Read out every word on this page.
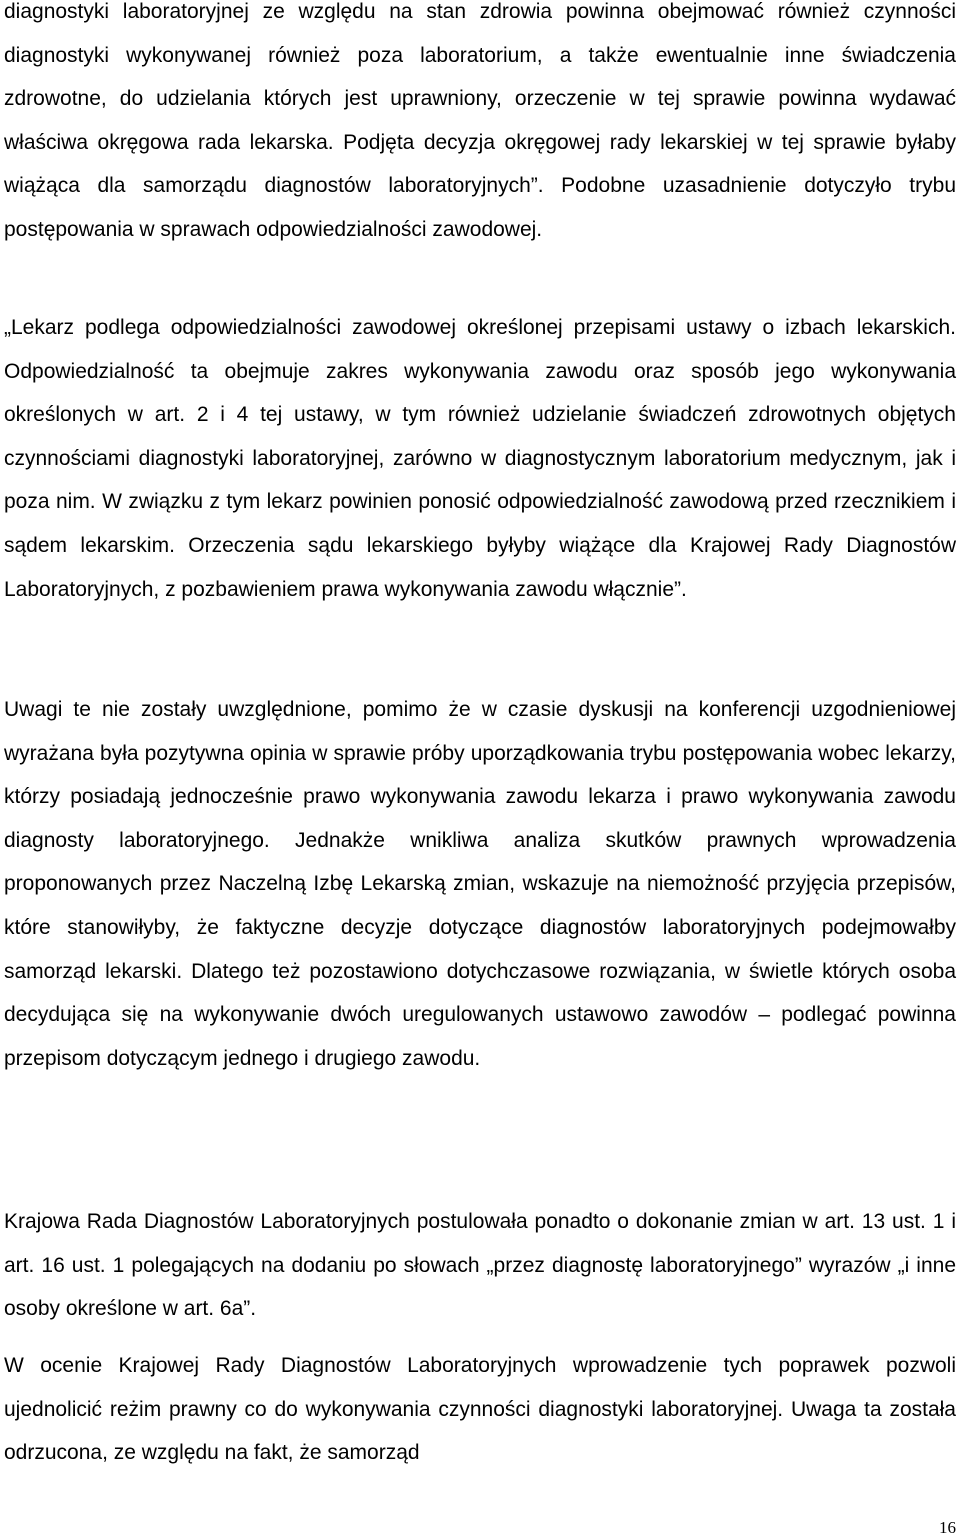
diagnostyki laboratoryjnej ze względu na stan zdrowia powinna obejmować również czynności diagnostyki wykonywanej również poza laboratorium, a także ewentualnie inne świadczenia zdrowotne, do udzielania których jest uprawniony, orzeczenie w tej sprawie powinna wydawać właściwa okręgowa rada lekarska. Podjęta decyzja okręgowej rady lekarskiej w tej sprawie byłaby wiążąca dla samorządu diagnostów laboratoryjnych”. Podobne uzasadnienie dotyczyło trybu postępowania w sprawach odpowiedzialności zawodowej.

„Lekarz podlega odpowiedzialności zawodowej określonej przepisami ustawy o izbach lekarskich. Odpowiedzialność ta obejmuje zakres wykonywania zawodu oraz sposób jego wykonywania określonych w art. 2 i 4 tej ustawy, w tym również udzielanie świadczeń zdrowotnych objętych czynnościami diagnostyki laboratoryjnej, zarówno w diagnostycznym laboratorium medycznym, jak i poza nim. W związku z tym lekarz powinien ponosić odpowiedzialność zawodową przed rzecznikiem i sądem lekarskim. Orzeczenia sądu lekarskiego byłyby wiążące dla Krajowej Rady Diagnostów Laboratoryjnych, z pozbawieniem prawa wykonywania zawodu włącznie”.

Uwagi te nie zostały uwzględnione, pomimo że w czasie dyskusji na konferencji uzgodnieniowej wyrażana była pozytywna opinia w sprawie próby uporządkowania trybu postępowania wobec lekarzy, którzy posiadają jednocześnie prawo wykonywania zawodu lekarza i prawo wykonywania zawodu diagnosty laboratoryjnego. Jednakże wnikliwa analiza skutków prawnych wprowadzenia proponowanych przez Naczelną Izbę Lekarską zmian, wskazuje na niemożność przyjęcia przepisów, które stanowiłyby, że faktyczne decyzje dotyczące diagnostów laboratoryjnych podejmowałby samorząd lekarski. Dlatego też pozostawiono dotychczasowe rozwiązania, w świetle których osoba decydująca się na wykonywanie dwóch uregulowanych ustawowo zawodów – podlegać powinna przepisom dotyczącym jednego i drugiego zawodu.

Krajowa Rada Diagnostów Laboratoryjnych postulowała ponadto o dokonanie zmian w art. 13 ust. 1 i art. 16 ust. 1 polegających na dodaniu po słowach „przez diagnostę laboratoryjnego” wyrazów „i inne osoby określone w art. 6a”.

W ocenie Krajowej Rady Diagnostów Laboratoryjnych wprowadzenie tych poprawek pozwoli ujednolicić reżim prawny co do wykonywania czynności diagnostyki laboratoryjnej. Uwaga ta została odrzucona, ze względu na fakt, że samorząd

16
